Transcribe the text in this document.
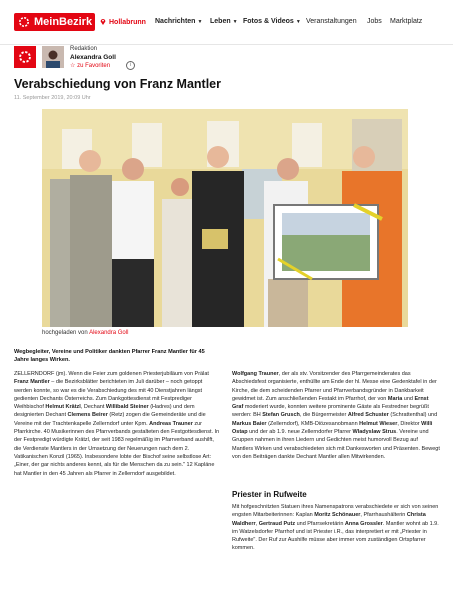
MeinBezirk	Hollabrunn Nachrichten ▼ Leben ▼ Fotos & Videos ▼ Veranstaltungen Jobs Marktplatz
Redaktion
Alexandra Goll
☆ zu Favoriten	i
Verabschiedung von Franz Mantler
11. September 2019, 20:09 Uhr
hochgeladen von Alexandra Goll
Wegbegleiter, Vereine und Politiker dankten Pfarrer Franz Mantler für 45 Jahre langes Wirken.
ZELLERNDORF (jm). Wenn die Feier zum goldenen Priesterjubiläum von Prälat Franz Mantler – die Bezirksblätter berichteten im Juli darüber – noch getoppt werden konnte, so war es die Verabschiedung des mit 40 Dienstjahren längst gedienten Dechants Österreichs. Zum Dankgottesdienst mit Festprediger Weihbischof Helmut Krätzl, Dechant Willibald Steiner (Hadres) und dem designierten Dechant Clemens Beirer (Retz) zogen die Gemeinderäte und die Vereine mit der Trachtenkapelle Zellerndorf unter Kpm. Andreas Trauner zur Pfarrkirche. 40 Musikerinnen des Pfarrverbands gestalteten den Festgottesdienst. In der Festpredigt würdigte Krätzl, der seit 1983 regelmäßig im Pfarrverband aushilft, die Verdienste Mantlers in der Umsetzung der Neuerungen nach dem 2. Vatikanischen Konzil (1965). Insbesondere lobte der Bischof seine selbstlose Art: „Einer, der gar nichts anderes kennt, als für die Menschen da zu sein." 12 Kapläne hat Mantler in den 45 Jahren als Pfarrer in Zellerndorf ausgebildet.
Wolfgang Trauner, der als stv. Vorsitzender des Pfarrgemeinderates das Abschiedsfest organisierte, enthüllte am Ende der hl. Messe eine Gedenktafel in der Kirche, die dem scheidenden Pfarrer und Pfarrverbandsgründer in Dankbarkeit gewidmet ist. Zum anschließenden Festakt im Pfarrhof, der von Maria und Ernst Graf moderiert wurde, konnten weitere prominente Gäste als Festredner begrüßt werden: BH Stefan Grusch, die Bürgermeister Alfred Schuster (Schrattenthal) und Markus Baier (Zellerndorf), KMB-Diözesanobmann Helmut Wieser, Direktor Willi Ostap und der ab 1.9. neue Zellerndorfer Pfarrer Wladyslaw Strus. Vereine und Gruppen nahmen in ihren Liedern und Gedichten meist humorvoll Bezug auf Mantlers Wirken und verabschiedeten sich mit Dankesworten und Präsenten. Bewegt von den Beiträgen dankte Dechant Mantler allen Mitwirkenden.
Priester in Rufweite
Mit hofgeschnitzten Statuen ihres Namenspatrons verabschiedete er sich von seinen engsten Mitarbeiterinnen: Kaplan Moritz Schönauer, Pfarrhaushälterin Christa Waldherr, Gertraud Putz und Pfarrsekretärin Anna Grossler. Mantler wohnt ab 1.9. im Watzelsdorfer Pfarrhof und ist Priester i.R., das interpretiert er mit „Priester in Rufweite". Der Ruf zur Aushilfe müsse aber immer vom zuständigen Ortspfarrer kommen.
